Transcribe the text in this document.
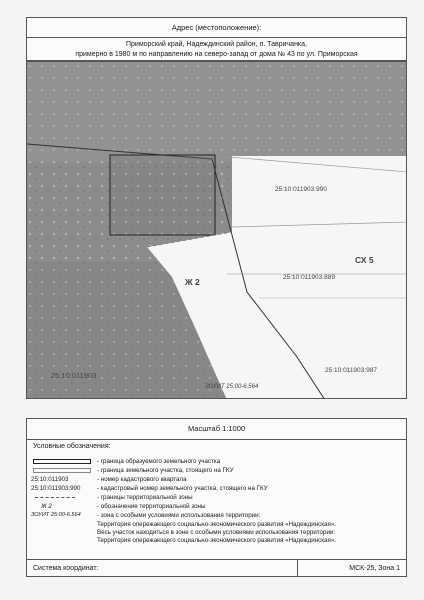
Адрес (местоположение):
Приморский край, Надеждинский район, п. Тавричанка,
примерно в 1980 м по направлению на северо-запад от дома № 43 по ул. Приморская
25:10:011903:990
СХ 5
Ж 2	25:10:011903:889
25:10:011903:987
25:10:011903
ЗОУИТ 25:00-6.564
Масштаб 1:1000
Условные обозначения:
- граница образуемого земельного участка
- граница земельного участка, стоящего на ГКУ
25:10:011903	- номер кадастрового квартала
25:10:011903:990	- кадастровый номер земельного участка, стоящего на ГКУ
- границы территориальной зоны
Ж 2	- обозначение территориальной зоны
ЗОУИТ 25:00-6.564	- зона с особыми условиями использования территории:
Территория опережающего социально-экономического развития «Надеждинская».
Весь участок находиться в зоне с особыми условиями использования территории:
Территория опережающего социально-экономического развития «Надеждинская».
Система координат:	МСК-25, Зона 1
